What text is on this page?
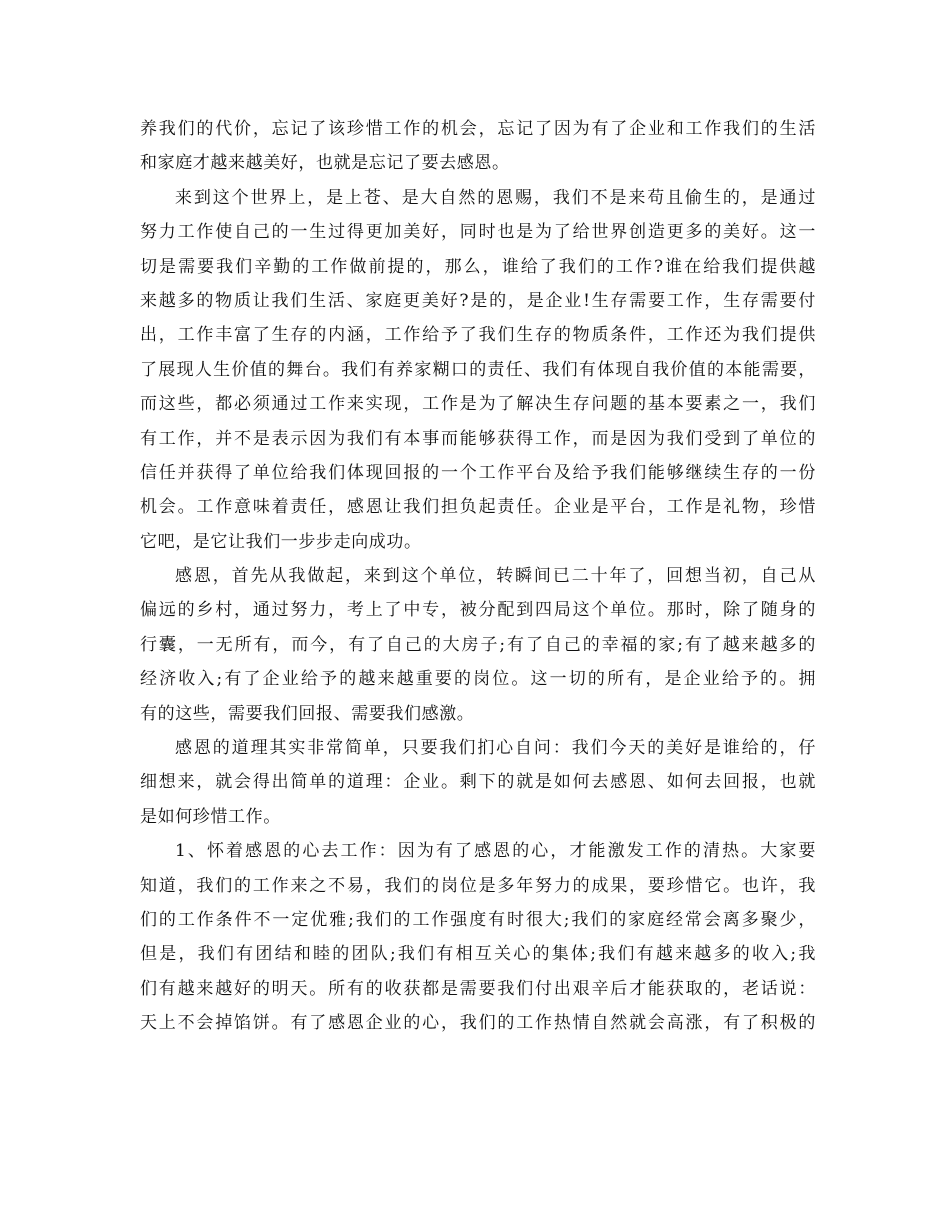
养我们的代价，忘记了该珍惜工作的机会，忘记了因为有了企业和工作我们的生活
和家庭才越来越美好，也就是忘记了要去感恩。
来到这个世界上，是上苍、是大自然的恩赐，我们不是来苟且偷生的，是通过
努力工作使自己的一生过得更加美好，同时也是为了给世界创造更多的美好。这一
切是需要我们辛勤的工作做前提的，那么，谁给了我们的工作?谁在给我们提供越
来越多的物质让我们生活、家庭更美好?是的，是企业!生存需要工作，生存需要付
出，工作丰富了生存的内涵，工作给予了我们生存的物质条件，工作还为我们提供
了展现人生价值的舞台。我们有养家糊口的责任、我们有体现自我价值的本能需要，
而这些，都必须通过工作来实现，工作是为了解决生存问题的基本要素之一，我们
有工作，并不是表示因为我们有本事而能够获得工作，而是因为我们受到了单位的
信任并获得了单位给我们体现回报的一个工作平台及给予我们能够继续生存的一份
机会。工作意味着责任，感恩让我们担负起责任。企业是平台，工作是礼物，珍惜
它吧，是它让我们一步步走向成功。
感恩，首先从我做起，来到这个单位，转瞬间已二十年了，回想当初，自己从
偏远的乡村，通过努力，考上了中专，被分配到四局这个单位。那时，除了随身的
行囊，一无所有，而今，有了自己的大房子;有了自己的幸福的家;有了越来越多的
经济收入;有了企业给予的越来越重要的岗位。这一切的所有，是企业给予的。拥
有的这些，需要我们回报、需要我们感激。
感恩的道理其实非常简单，只要我们扪心自问：我们今天的美好是谁给的，仔
细想来，就会得出简单的道理：企业。剩下的就是如何去感恩、如何去回报，也就
是如何珍惜工作。
1、怀着感恩的心去工作：因为有了感恩的心，才能激发工作的清热。大家要
知道，我们的工作来之不易，我们的岗位是多年努力的成果，要珍惜它。也许，我
们的工作条件不一定优雅;我们的工作强度有时很大;我们的家庭经常会离多聚少，
但是，我们有团结和睦的团队;我们有相互关心的集体;我们有越来越多的收入;我
们有越来越好的明天。所有的收获都是需要我们付出艰辛后才能获取的，老话说：
天上不会掉馅饼。有了感恩企业的心，我们的工作热情自然就会高涨，有了积极的
